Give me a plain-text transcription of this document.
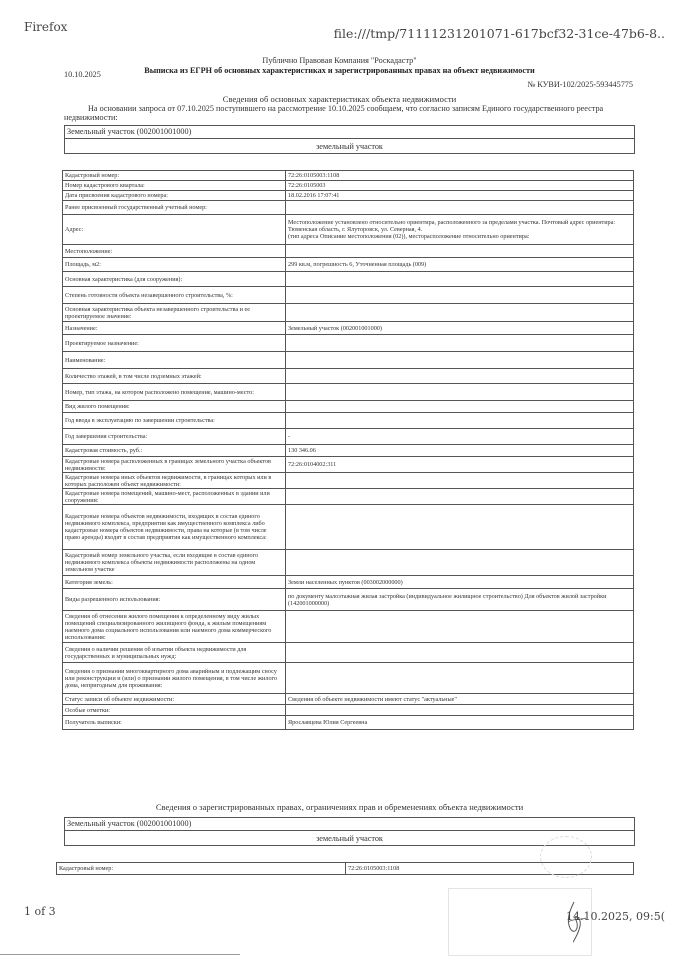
Firefox	file:///tmp/71111231201071-617bcf32-31ce-47b6-8..
Публично Правовая Компания "Роскадастр"
Выписка из ЕГРН об основных характеристиках и зарегистрированных правах на объект недвижимости
10.10.2025
№ КУВИ-102/2025-593445775
Сведения об основных характеристиках объекта недвижимости
На основании запроса от 07.10.2025 поступившего на рассмотрение 10.10.2025 сообщаем, что согласно записям Единого государственного реестра недвижимости:
Земельный участок (002001001000)
земельный участок
Кадастровый номер:	72:26:0105003:1108
Номер кадастрового квартала:	72:26:0105003
Дата присвоения кадастрового номера:	18.02.2016 17:07:41
Ранее присвоенный государственный учетный номер:	
Адрес:	Местоположение установлено относительно ориентира, расположенного за пределами участка. Почтовый адрес ориентира: Тюменская область, г. Ялуторовск, ул. Северная, 4.
(тип адреса Описание местоположения (02)), месторасположение относительно ориентира:
Местоположение:	
Площадь, м2:	299 кв.м, погрешность 6, Уточненная площадь (009)
Основная характеристика (для сооружения):	
Степень готовности объекта незавершенного строительства, %:	
Основная характеристика объекта незавершенного строительства и ее проектируемое значение:	
Назначение:	Земельный участок (002001001000)
Проектируемое назначение:	
Наименование:	
Количество этажей, в том числе подземных этажей:	
Номер, тип этажа, на котором расположено помещение, машино-место:	
Вид жилого помещения:	
Год ввода в эксплуатацию по завершении строительства:	
Год завершения строительства:	-
Кадастровая стоимость, руб.:	130 346.06
Кадастровые номера расположенных в границах земельного участка объектов недвижимости:	72:26:0104002:311
Кадастровые номера иных объектов недвижимости, в границах которых или в которых расположен объект недвижимости:	
Кадастровые номера помещений, машино-мест, расположенных в здании или сооружении:	
Кадастровые номера объектов недвижимости, входящих в состав единого недвижимого комплекса, предприятия как имущественного комплекса либо кадастровые номера объектов недвижимости, права на которые (в том числе право аренды) входят в состав предприятия как имущественного комплекса:	
Кадастровый номер земельного участка, если входящие в состав единого недвижимого комплекса объекты недвижимости расположены на одном земельном участке	
Категория земель:	Земли населенных пунктов (003002000000)
Виды разрешенного использования:	по документу малоэтажная жилая застройка (индивидуальное жилищное строительство) Для объектов жилой застройки (142001000000)
Сведения об отнесении жилого помещения к определенному виду жилых помещений специализированного жилищного фонда, к жилым помещениям наемного дома социального использования или наемного дома коммерческого использования:	
Сведения о наличии решения об изъятии объекта недвижимости для государственных и муниципальных нужд:	
Сведения о признании многоквартирного дома аварийным и подлежащим сносу или реконструкции и (или) о признании жилого помещения, в том числе жилого дома, непригодным для проживания:	
Статус записи об объекте недвижимости:	Сведения об объекте недвижимости имеют статус "актуальные"
Особые отметки:	
Получатель выписки:	Ярославцева Юлия Сергеевна
Сведения о зарегистрированных правах, ограничениях прав и обременениях объекта недвижимости
Земельный участок (002001001000)
земельный участок
Кадастровый номер:	72:26:0105003:1108
1 of 3	14.10.2025, 09:5(
